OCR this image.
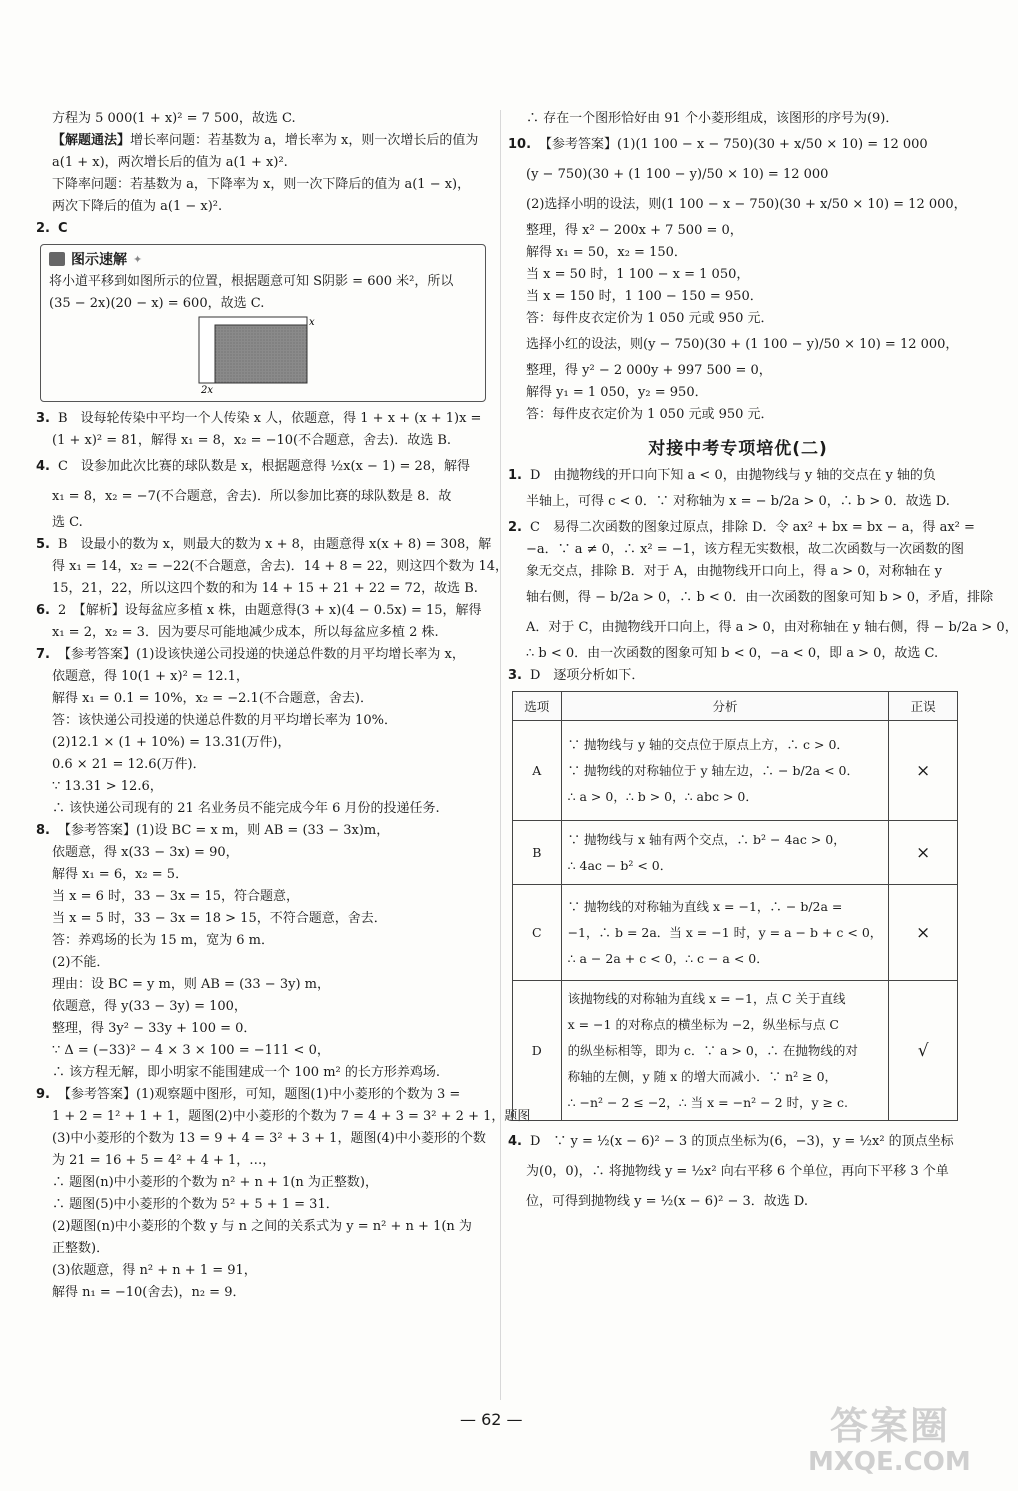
方程为 5 000(1 + x)² = 7 500，故选 C.
【解题通法】增长率问题：若基数为 a，增长率为 x，则一次增长后的值为
a(1 + x)，两次增长后的值为 a(1 + x)².
下降率问题：若基数为 a，下降率为 x，则一次下降后的值为 a(1 − x)，
两次下降后的值为 a(1 − x)².
2. C
图示速解 ✦
将小道平移到如图所示的位置，根据题意可知 S阴影 = 600 米²，所以
(35 − 2x)(20 − x) = 600，故选 C.
x
2x
3. B　设每轮传染中平均一个人传染 x 人，依题意，得 1 + x + (x + 1)x =
(1 + x)² = 81，解得 x₁ = 8，x₂ = −10(不合题意，舍去)．故选 B.
4. C　设参加此次比赛的球队数是 x，根据题意得 ½x(x − 1) = 28，解得
x₁ = 8，x₂ = −7(不合题意，舍去)．所以参加比赛的球队数是 8．故
选 C.
5. B　设最小的数为 x，则最大的数为 x + 8，由题意得 x(x + 8) = 308，解
得 x₁ = 14，x₂ = −22(不合题意，舍去)．14 + 8 = 22，则这四个数为 14，
15，21，22，所以这四个数的和为 14 + 15 + 21 + 22 = 72，故选 B.
6. 2　【解析】设每盆应多植 x 株，由题意得(3 + x)(4 − 0.5x) = 15，解得
x₁ = 2，x₂ = 3．因为要尽可能地减少成本，所以每盆应多植 2 株.
7. 【参考答案】(1)设该快递公司投递的快递总件数的月平均增长率为 x，
依题意，得 10(1 + x)² = 12.1，
解得 x₁ = 0.1 = 10%，x₂ = −2.1(不合题意，舍去)．
答：该快递公司投递的快递总件数的月平均增长率为 10%．
(2)12.1 × (1 + 10%) = 13.31(万件)，
0.6 × 21 = 12.6(万件)．
∵ 13.31 > 12.6，
∴ 该快递公司现有的 21 名业务员不能完成今年 6 月份的投递任务.
8. 【参考答案】(1)设 BC = x m，则 AB = (33 − 3x)m，
依题意，得 x(33 − 3x) = 90，
解得 x₁ = 6，x₂ = 5．
当 x = 6 时，33 − 3x = 15，符合题意，
当 x = 5 时，33 − 3x = 18 > 15，不符合题意，舍去．
答：养鸡场的长为 15 m，宽为 6 m．
(2)不能．
理由：设 BC = y m，则 AB = (33 − 3y) m，
依题意，得 y(33 − 3y) = 100，
整理，得 3y² − 33y + 100 = 0．
∵ Δ = (−33)² − 4 × 3 × 100 = −111 < 0，
∴ 该方程无解，即小明家不能围建成一个 100 m² 的长方形养鸡场.
9. 【参考答案】(1)观察题中图形，可知，题图(1)中小菱形的个数为 3 =
1 + 2 = 1² + 1 + 1，题图(2)中小菱形的个数为 7 = 4 + 3 = 3² + 2 + 1，题图
(3)中小菱形的个数为 13 = 9 + 4 = 3² + 3 + 1，题图(4)中小菱形的个数
为 21 = 16 + 5 = 4² + 4 + 1，…，
∴ 题图(n)中小菱形的个数为 n² + n + 1(n 为正整数)，
∴ 题图(5)中小菱形的个数为 5² + 5 + 1 = 31．
(2)题图(n)中小菱形的个数 y 与 n 之间的关系式为 y = n² + n + 1(n 为
正整数)．
(3)依题意，得 n² + n + 1 = 91，
解得 n₁ = −10(舍去)，n₂ = 9．
∴ 存在一个图形恰好由 91 个小菱形组成，该图形的序号为(9)．
10. 【参考答案】(1)(1 100 − x − 750)(30 + x/50 × 10) = 12 000
(y − 750)(30 + (1 100 − y)/50 × 10) = 12 000
(2)选择小明的设法，则(1 100 − x − 750)(30 + x/50 × 10) = 12 000，
整理，得 x² − 200x + 7 500 = 0，
解得 x₁ = 50，x₂ = 150．
当 x = 50 时，1 100 − x = 1 050，
当 x = 150 时，1 100 − 150 = 950．
答：每件皮衣定价为 1 050 元或 950 元．
选择小红的设法，则(y − 750)(30 + (1 100 − y)/50 × 10) = 12 000，
整理，得 y² − 2 000y + 997 500 = 0，
解得 y₁ = 1 050，y₂ = 950．
答：每件皮衣定价为 1 050 元或 950 元．
对接中考专项培优(二)
1. D　由抛物线的开口向下知 a < 0，由抛物线与 y 轴的交点在 y 轴的负
半轴上，可得 c < 0．∵ 对称轴为 x = − b/2a > 0，∴ b > 0．故选 D.
2. C　易得二次函数的图象过原点，排除 D．令 ax² + bx = bx − a，得 ax² =
−a．∵ a ≠ 0，∴ x² = −1，该方程无实数根，故二次函数与一次函数的图
象无交点，排除 B．对于 A，由抛物线开口向上，得 a > 0，对称轴在 y
轴右侧，得 − b/2a > 0，∴ b < 0．由一次函数的图象可知 b > 0，矛盾，排除
A．对于 C，由抛物线开口向上，得 a > 0，由对称轴在 y 轴右侧，得 − b/2a > 0，
∴ b < 0．由一次函数的图象可知 b < 0，−a < 0，即 a > 0，故选 C.
3. D　逐项分析如下．
选项	分析	正误
A	∵ 抛物线与 y 轴的交点位于原点上方，∴ c > 0．
∵ 抛物线的对称轴位于 y 轴左边，∴ − b/2a < 0．
∴ a > 0，∴ b > 0，∴ abc > 0．	×
B	∵ 抛物线与 x 轴有两个交点，∴ b² − 4ac > 0，
∴ 4ac − b² < 0．	×
C	∵ 抛物线的对称轴为直线 x = −1，∴ − b/2a =
−1，∴ b = 2a．当 x = −1 时，y = a − b + c < 0，
∴ a − 2a + c < 0，∴ c − a < 0．	×
D	该抛物线的对称轴为直线 x = −1，点 C 关于直线
x = −1 的对称点的横坐标为 −2，纵坐标与点 C
的纵坐标相等，即为 c．∵ a > 0，∴ 在抛物线的对
称轴的左侧，y 随 x 的增大而减小．∵ n² ≥ 0，
∴ −n² − 2 ≤ −2，∴ 当 x = −n² − 2 时，y ≥ c.	√
4. D　∵ y = ½(x − 6)² − 3 的顶点坐标为(6，−3)，y = ½x² 的顶点坐标
为(0，0)，∴ 将抛物线 y = ½x² 向右平移 6 个单位，再向下平移 3 个单
位，可得到抛物线 y = ½(x − 6)² − 3．故选 D.
— 62 —	答案圈
MXQE.COM
